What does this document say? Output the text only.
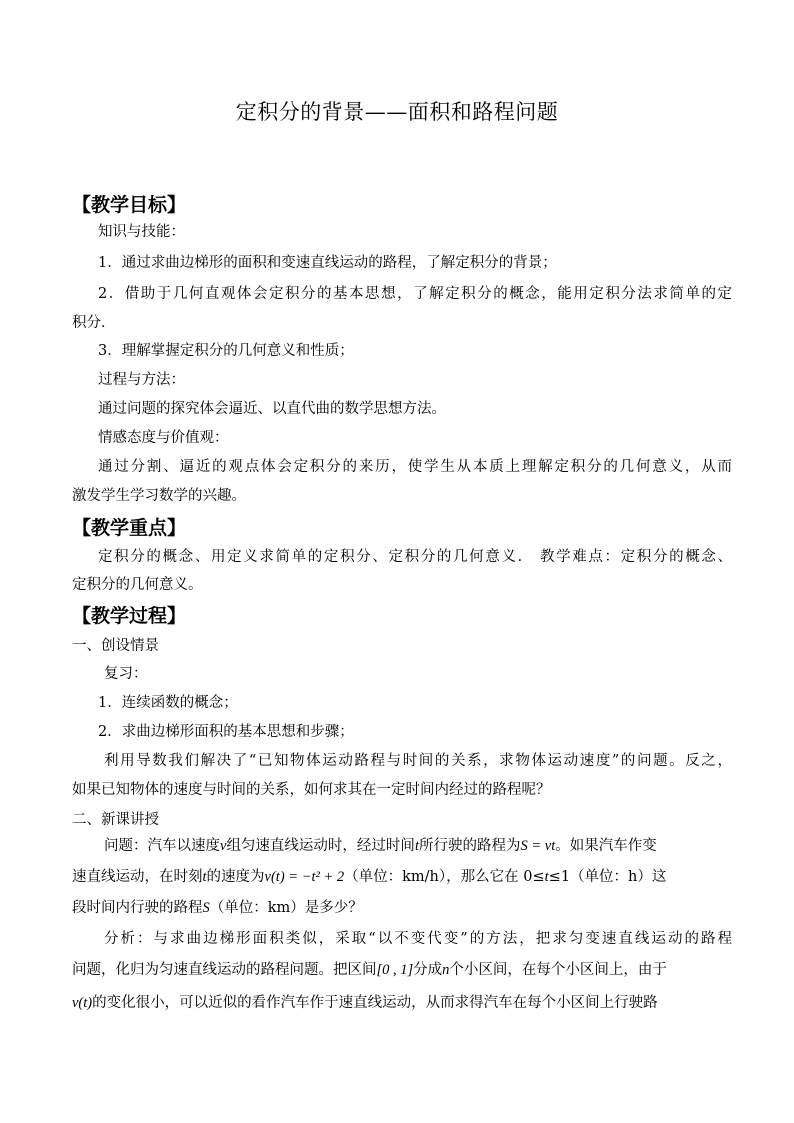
定积分的背景——面积和路程问题
【教学目标】
知识与技能：
1．通过求曲边梯形的面积和变速直线运动的路程，了解定积分的背景；
2．借助于几何直观体会定积分的基本思想，了解定积分的概念，能用定积分法求简单的定
积分．
3．理解掌握定积分的几何意义和性质；
过程与方法：
通过问题的探究体会逼近、以直代曲的数学思想方法。
情感态度与价值观：
通过分割、逼近的观点体会定积分的来历，使学生从本质上理解定积分的几何意义，从而
激发学生学习数学的兴趣。
【教学重点】
定积分的概念、用定义求简单的定积分、定积分的几何意义． 教学难点：定积分的概念、
定积分的几何意义。
【教学过程】
一、创设情景
复习：
1．连续函数的概念；
2．求曲边梯形面积的基本思想和步骤；
利用导数我们解决了“已知物体运动路程与时间的关系，求物体运动速度”的问题。反之，
如果已知物体的速度与时间的关系，如何求其在一定时间内经过的路程呢？
二、新课讲授
问题：汽车以速度v组匀速直线运动时，经过时间t所行驶的路程为S = vt。如果汽车作变
速直线运动，在时刻t的速度为v(t) = −t² + 2（单位：km/h），那么它在 0≤t≤1（单位：h）这
段时间内行驶的路程S（单位：km）是多少？
分析：与求曲边梯形面积类似，采取“以不变代变”的方法，把求匀变速直线运动的路程
问题，化归为匀速直线运动的路程问题。把区间[0 , 1]分成n个小区间，在每个小区间上，由于
v(t)的变化很小，可以近似的看作汽车作于速直线运动，从而求得汽车在每个小区间上行驶路
